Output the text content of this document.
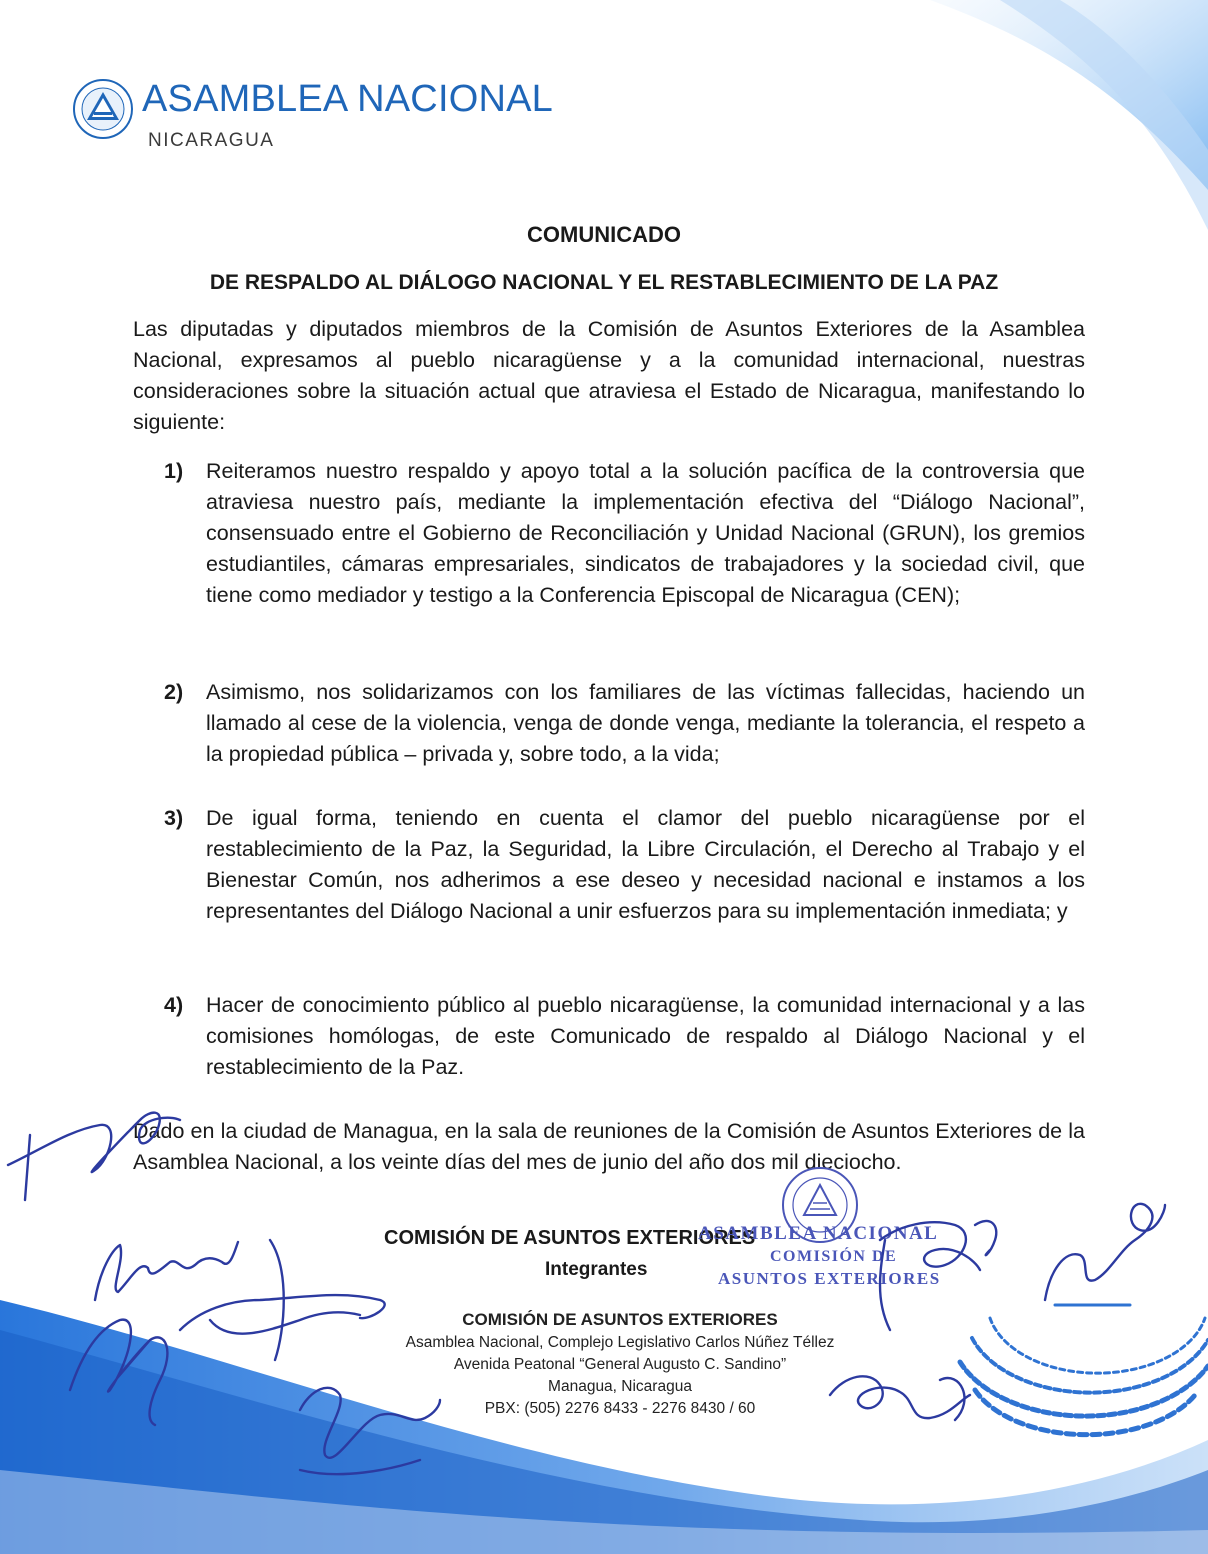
ASAMBLEA NACIONAL
NICARAGUA
COMUNICADO
DE RESPALDO AL DIÁLOGO NACIONAL Y EL RESTABLECIMIENTO DE LA PAZ

Las diputadas y diputados miembros de la Comisión de Asuntos Exteriores de la Asamblea Nacional, expresamos al pueblo nicaragüense y a la comunidad internacional, nuestras consideraciones sobre la situación actual que atraviesa el Estado de Nicaragua, manifestando lo siguiente:

1) Reiteramos nuestro respaldo y apoyo total a la solución pacífica de la controversia que atraviesa nuestro país, mediante la implementación efectiva del “Diálogo Nacional”, consensuado entre el Gobierno de Reconciliación y Unidad Nacional (GRUN), los gremios estudiantiles, cámaras empresariales, sindicatos de trabajadores y la sociedad civil, que tiene como mediador y testigo a la Conferencia Episcopal de Nicaragua (CEN);
2) Asimismo, nos solidarizamos con los familiares de las víctimas fallecidas, haciendo un llamado al cese de la violencia, venga de donde venga, mediante la tolerancia, el respeto a la propiedad pública – privada y, sobre todo, a la vida;
3) De igual forma, teniendo en cuenta el clamor del pueblo nicaragüense por el restablecimiento de la Paz, la Seguridad, la Libre Circulación, el Derecho al Trabajo y el Bienestar Común, nos adherimos a ese deseo y necesidad nacional e instamos a los representantes del Diálogo Nacional a unir esfuerzos para su implementación inmediata; y
4) Hacer de conocimiento público al pueblo nicaragüense, la comunidad internacional y a las comisiones homólogas, de este Comunicado de respaldo al Diálogo Nacional y el restablecimiento de la Paz.

Dado en la ciudad de Managua, en la sala de reuniones de la Comisión de Asuntos Exteriores de la Asamblea Nacional, a los veinte días del mes de junio del año dos mil dieciocho.

COMISIÓN DE ASUNTOS EXTERIORES
Integrantes
COMISIÓN DE ASUNTOS EXTERIORES
Asamblea Nacional, Complejo Legislativo Carlos Núñez Téllez
Avenida Peatonal “General Augusto C. Sandino”
Managua, Nicaragua
PBX: (505) 2276 8433 - 2276 8430 / 60
ASAMBLEA NACIONAL
COMISIÓN DE
ASUNTOS EXTERIORES
